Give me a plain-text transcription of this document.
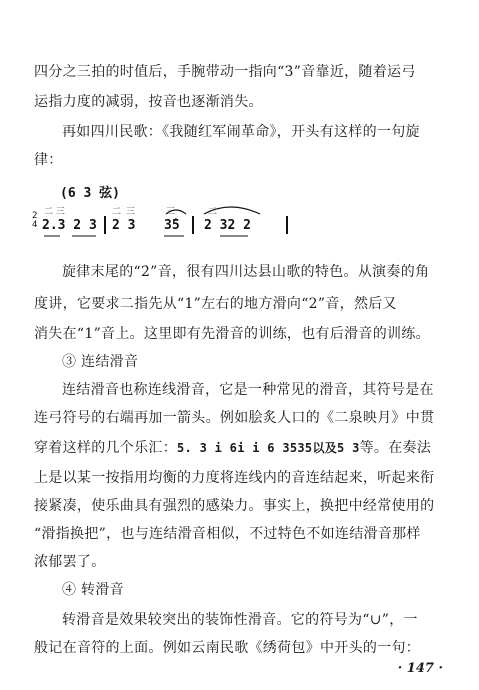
四分之三拍的时值后，手腕带动一指向“3̇”音靠近，随着运弓
运指力度的减弱，按音也逐渐消失。
再如四川民歌：《我随红军闹革命》，开头有这样的一句旋
律：
(6 3 弦)
二 三	二 三	三	二
2
4 2.3 2 3 2 3 3̇5 2 32 2
旋律末尾的“2̇”音，很有四川达县山歌的特色。从演奏的角
度讲，它要求二指先从“1”左右的地方滑向“2”音，然后又
消失在“1”音上。这里即有先滑音的训练，也有后滑音的训练。
③ 连结滑音
连结滑音也称连线滑音，它是一种常见的滑音，其符号是在
连弓符号的右端再加一箭头。例如脍炙人口的《二泉映月》中贯
穿着这样的几个乐汇：5. 3 i 6i i 6 3535以及5 3等。在奏法
上是以某一按指用均衡的力度将连线内的音连结起来，听起来衔
接紧凑，使乐曲具有强烈的感染力。事实上，换把中经常使用的
“滑指换把”，也与连结滑音相似，不过特色不如连结滑音那样
浓郁罢了。
④ 转滑音
转滑音是效果较突出的装饰性滑音。它的符号为“∪”，一
般记在音符的上面。例如云南民歌《绣荷包》中开头的一句：
· 147 ·
